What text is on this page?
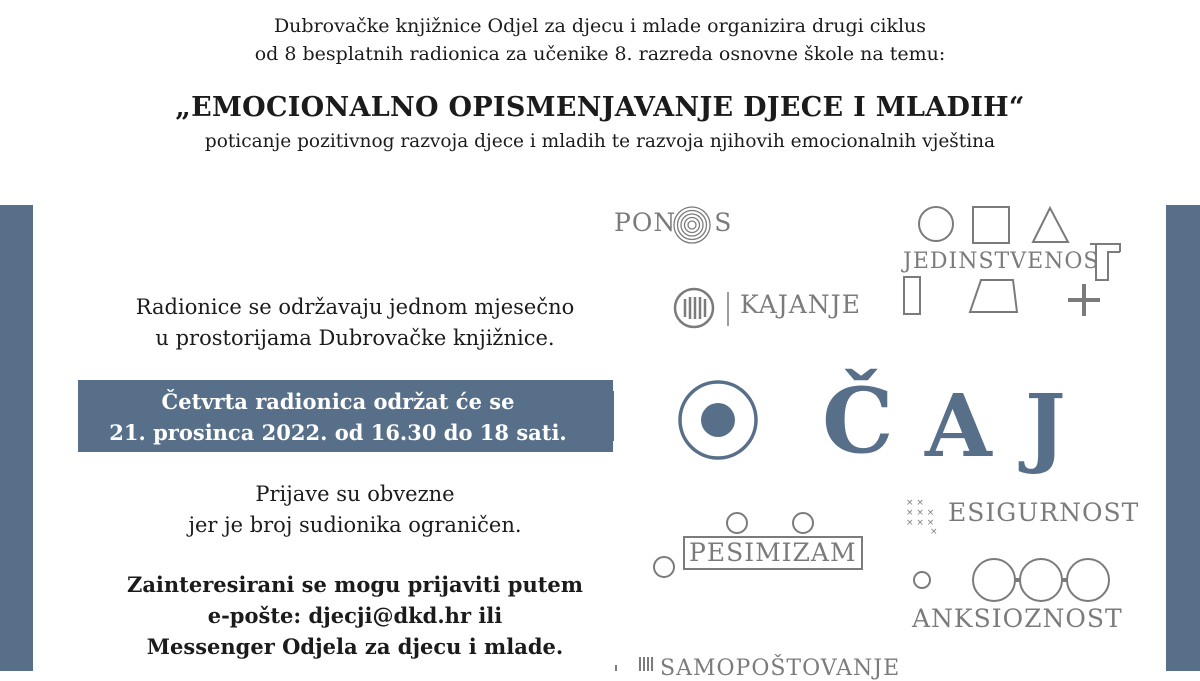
Dubrovačke knjižnice Odjel za djecu i mlade organizira drugi ciklus
od 8 besplatnih radionica za učenike 8. razreda osnovne škole na temu:
„EMOCIONALNO OPISMENJAVANJE DJECE I MLADIH“
poticanje pozitivnog razvoja djece i mladih te razvoja njihovih emocionalnih vještina
Radionice se održavaju jednom mjesečno
u prostorijama Dubrovačke knjižnice.
Četvrta radionica održat će se
21. prosinca 2022. od 16.30 do 18 sati.
Prijave su obvezne
jer je broj sudionika ograničen.
Zainteresirani se mogu prijaviti putem
e-pošte: djecji@dkd.hr ili
Messenger Odjela za djecu i mlade.
PON S
KAJANJE
JEDINSTVENOS
Č A J
PESIMIZAM
× ×
× × ×
× × ×
×
ESIGURNOST
ANKSIOZNOST
SAMOPOŠTOVANJE
